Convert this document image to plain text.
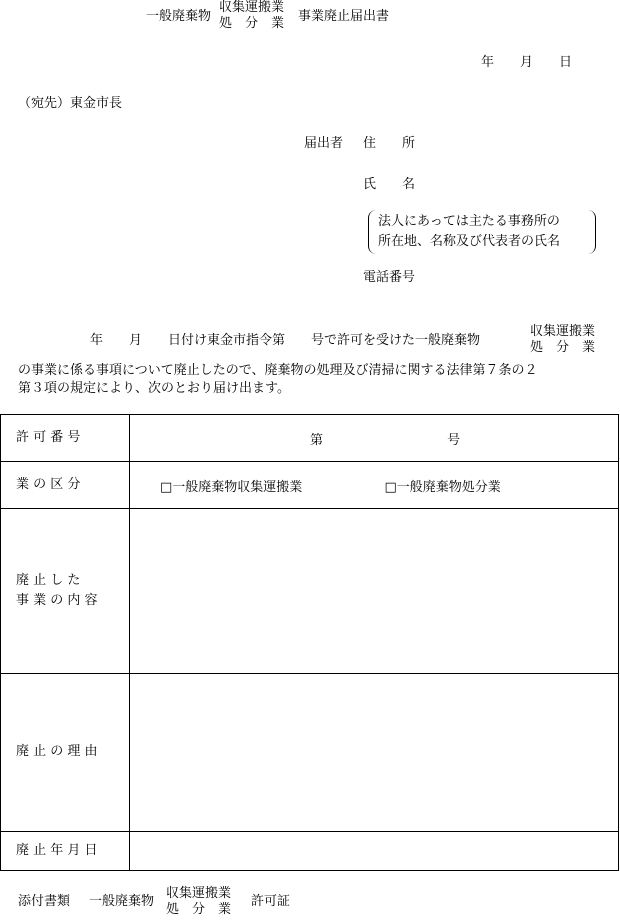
一般廃棄物
収集運搬業
処　分　業 事業廃止届出書
年　　月　　日
（宛先）東金市長
届出者 住　　所
氏　　名
法人にあっては主たる事務所の
所在地、名称及び代表者の氏名
電話番号
年　　月　　日付け東金市指令第　　号で許可を受けた一般廃棄物
収集運搬業
処　分　業
の事業に係る事項について廃止したので、廃棄物の処理及び清掃に関する法律第７条の２
第３項の規定により、次のとおり届け出ます。
許 可 番 号	第 号
業 の 区 分	□一般廃棄物収集運搬業 □一般廃棄物処分業

廃 止 し た
事 業 の 内 容	

廃 止 の 理 由	
廃 止 年 月 日	
添付書類 一般廃棄物
収集運搬業
処　分　業
許可証
